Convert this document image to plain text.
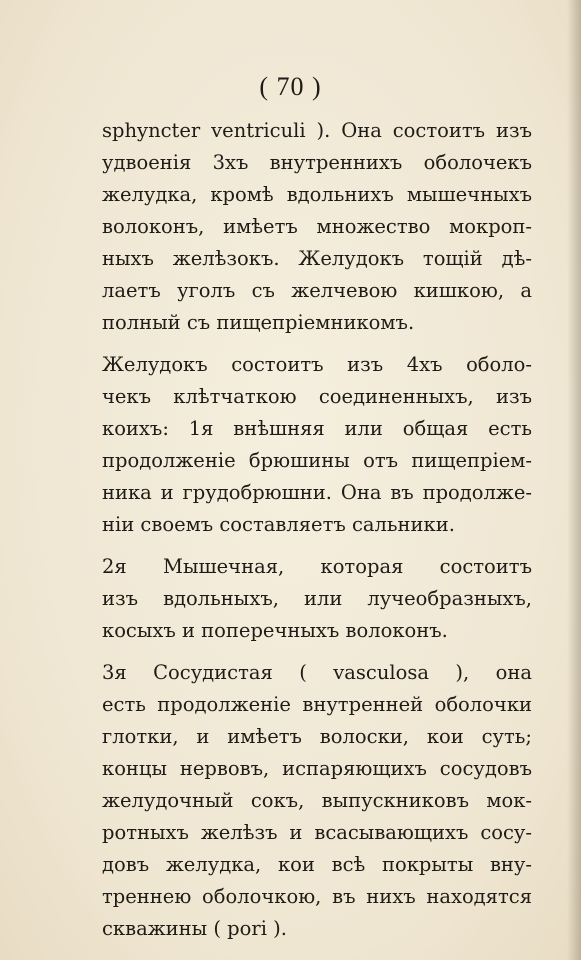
( 70 )
sphyncter ventriculi ). Она состоитъ изъ
удвоенія 3хъ внутреннихъ оболочекъ
желудка, кромѣ вдольнихъ мышечныхъ
волоконъ, имѣетъ множество мокроп-
ныхъ желѣзокъ. Желудокъ тощій дѣ-
лаетъ уголъ съ желчевою кишкою, а
полный съ пищепріемникомъ.
Желудокъ состоитъ изъ 4хъ оболо-
чекъ клѣтчаткою соединенныхъ, изъ
коихъ: 1я внѣшняя или общая есть
продолженіе брюшины отъ пищепріем-
ника и грудобрюшни. Она въ продолже-
ніи своемъ составляетъ сальники.
2я Мышечная, которая состоитъ
изъ вдольныхъ, или лучеобразныхъ,
косыхъ и поперечныхъ волоконъ.
3я Сосудистая ( vasculosa ), она
есть продолженіе внутренней оболочки
глотки, и имѣетъ волоски, кои суть;
концы нервовъ, испаряющихъ сосудовъ
желудочный сокъ, выпускниковъ мок-
ротныхъ желѣзъ и всасывающихъ сосу-
довъ желудка, кои всѣ покрыты вну-
треннею оболочкою, въ нихъ находятся
скважины ( pori ).
